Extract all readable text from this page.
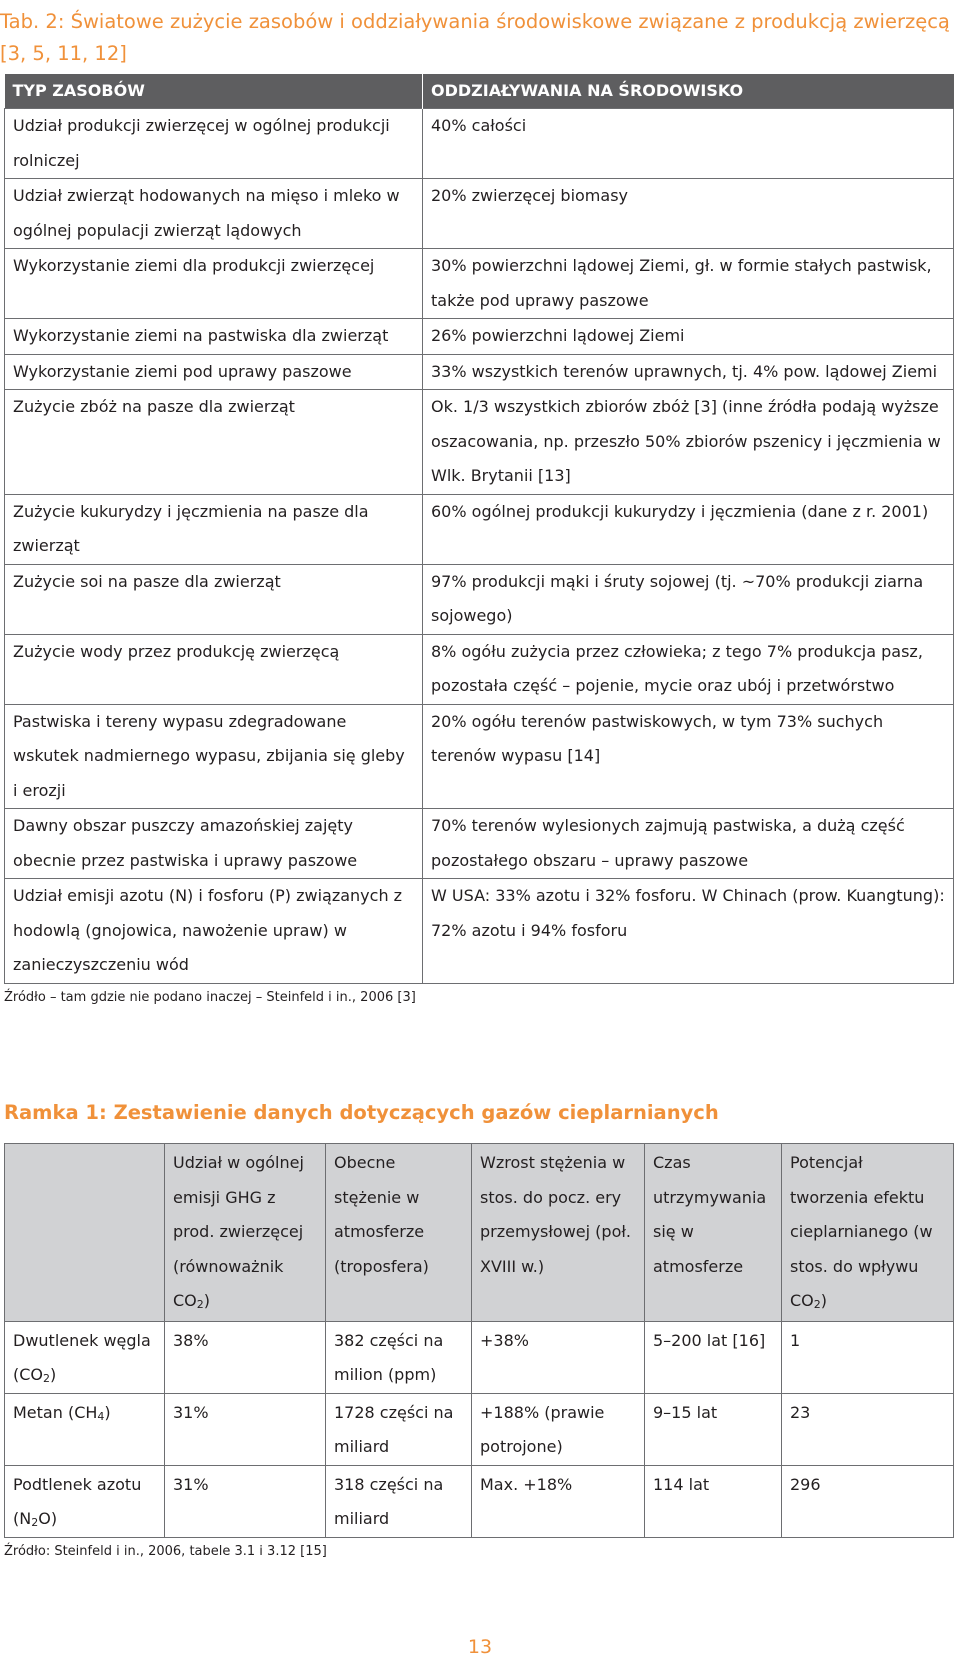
Tab. 2: Światowe zużycie zasobów i oddziaływania środowiskowe związane z produkcją zwierzęcą [3, 5, 11, 12]
TYP ZASOBÓW	ODDZIAŁYWANIA NA ŚRODOWISKO
Udział produkcji zwierzęcej w ogólnej produkcji rolniczej	40% całości
Udział zwierząt hodowanych na mięso i mleko w ogólnej populacji zwierząt lądowych	20% zwierzęcej biomasy
Wykorzystanie ziemi dla produkcji zwierzęcej	30% powierzchni lądowej Ziemi, gł. w formie stałych pastwisk, także pod uprawy paszowe
Wykorzystanie ziemi na pastwiska dla zwierząt	26% powierzchni lądowej Ziemi
Wykorzystanie ziemi pod uprawy paszowe	33% wszystkich terenów uprawnych, tj. 4% pow. lądowej Ziemi
Zużycie zbóż na pasze dla zwierząt	Ok. 1/3 wszystkich zbiorów zbóż [3] (inne źródła podają wyższe oszacowania, np. przeszło 50% zbiorów pszenicy i jęczmienia w Wlk. Brytanii [13]
Zużycie kukurydzy i jęczmienia na pasze dla zwierząt	60% ogólnej produkcji kukurydzy i jęczmienia (dane z r. 2001)
Zużycie soi na pasze dla zwierząt	97% produkcji mąki i śruty sojowej (tj. ~70% produkcji ziarna sojowego)
Zużycie wody przez produkcję zwierzęcą	8% ogółu zużycia przez człowieka; z tego 7% produkcja pasz, pozostała część – pojenie, mycie oraz ubój i przetwórstwo
Pastwiska i tereny wypasu zdegradowane wskutek nadmiernego wypasu, zbijania się gleby i erozji	20% ogółu terenów pastwiskowych, w tym 73% suchych terenów wypasu [14]
Dawny obszar puszczy amazońskiej zajęty obecnie przez pastwiska i uprawy paszowe	70% terenów wylesionych zajmują pastwiska, a dużą część pozostałego obszaru – uprawy paszowe
Udział emisji azotu (N) i fosforu (P) związanych z hodowlą (gnojowica, nawożenie upraw) w zanieczyszczeniu wód	W USA: 33% azotu i 32% fosforu. W Chinach (prow. Kuangtung): 72% azotu i 94% fosforu
Źródło – tam gdzie nie podano inaczej – Steinfeld i in., 2006 [3]
Ramka 1: Zestawienie danych dotyczących gazów cieplarnianych
	Udział w ogólnej emisji GHG z prod. zwierzęcej (równoważnik $CO_2$)	Obecne stężenie w atmosferze (troposfera)	Wzrost stężenia w stos. do pocz. ery przemysłowej (poł. XVIII w.)	Czas utrzymywania się w atmosferze	Potencjał tworzenia efektu cieplarnianego (w stos. do wpływu $CO_2$)
Dwutlenek węgla $(CO_2)$	38%	382 części na milion (ppm)	+38%	5–200 lat [16]	1
Metan $(CH_4)$	31%	1728 części na miliard	+188% (prawie potrojone)	9–15 lat	23
Podtlenek azotu $(N_2O)$	31%	318 części na miliard	Max. +18%	114 lat	296
Źródło: Steinfeld i in., 2006, tabele 3.1 i 3.12 [15]
13
